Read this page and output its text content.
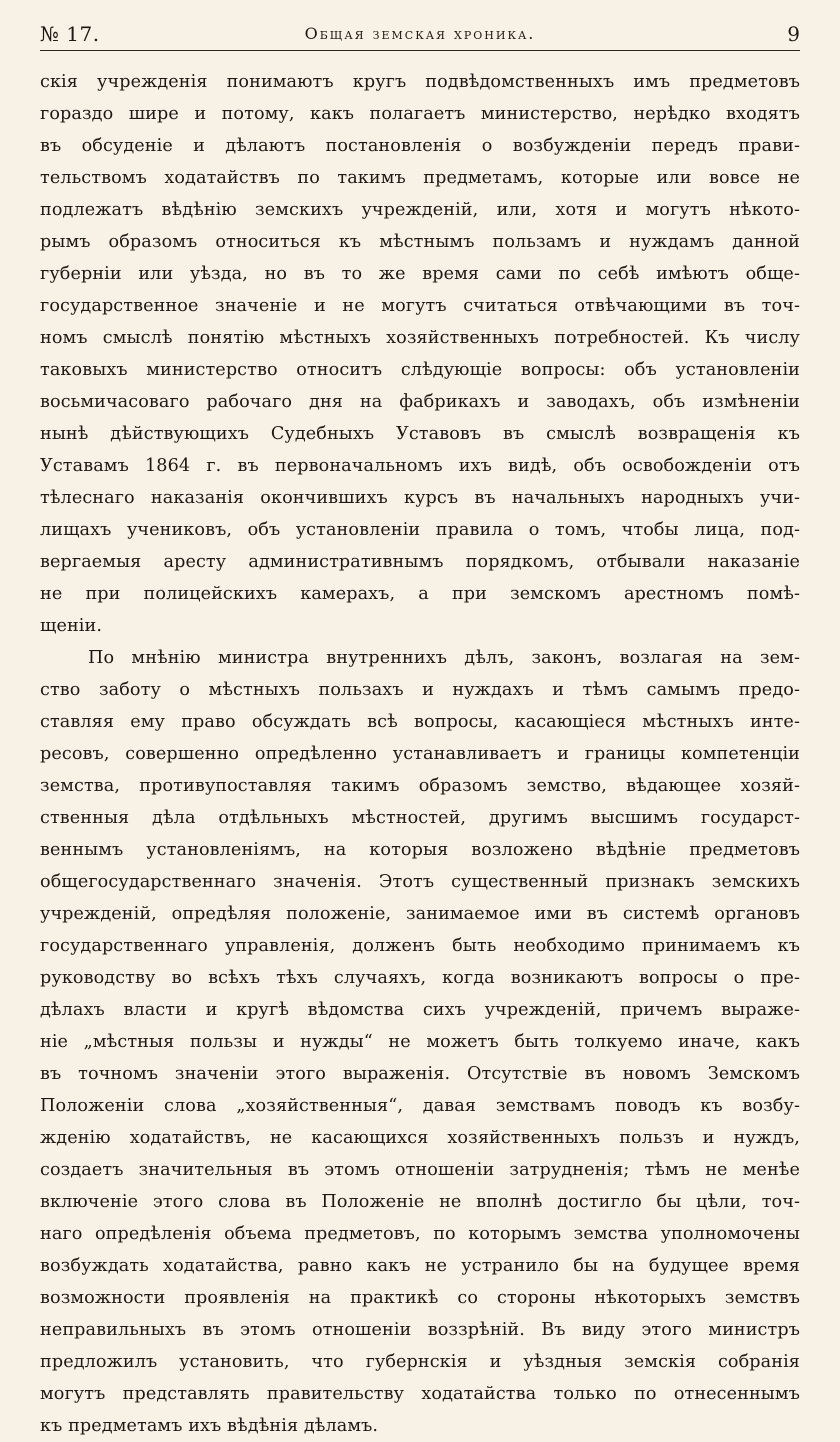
№ 17.	Общая земская хроника.	9
скія учрежденія понимаютъ кругъ подвѣдомственныхъ имъ предметовъ
гораздо шире и потому, какъ полагаетъ министерство, нерѣдко входятъ
въ обсуденіе и дѣлаютъ постановленія о возбужденіи передъ прави-
тельствомъ ходатайствъ по такимъ предметамъ, которые или вовсе не
подлежатъ вѣдѣнію земскихъ учрежденій, или, хотя и могутъ нѣкото-
рымъ образомъ относиться къ мѣстнымъ пользамъ и нуждамъ данной
губерніи или уѣзда, но въ то же время сами по себѣ имѣютъ обще-
государственное значеніе и не могутъ считаться отвѣчающими въ точ-
номъ смыслѣ понятію мѣстныхъ хозяйственныхъ потребностей. Къ числу
таковыхъ министерство относитъ слѣдующіе вопросы: объ установленіи
восьмичасоваго рабочаго дня на фабрикахъ и заводахъ, объ измѣненіи
нынѣ дѣйствующихъ Судебныхъ Уставовъ въ смыслѣ возвращенія къ
Уставамъ 1864 г. въ первоначальномъ ихъ видѣ, объ освобожденіи отъ
тѣлеснаго наказанія окончившихъ курсъ въ начальныхъ народныхъ учи-
лищахъ учениковъ, объ установленіи правила о томъ, чтобы лица, под-
вергаемыя аресту административнымъ порядкомъ, отбывали наказаніе
не при полицейскихъ камерахъ, а при земскомъ арестномъ помѣ-
щеніи.
По мнѣнію министра внутреннихъ дѣлъ, законъ, возлагая на зем-
ство заботу о мѣстныхъ пользахъ и нуждахъ и тѣмъ самымъ предо-
ставляя ему право обсуждать всѣ вопросы, касающіеся мѣстныхъ инте-
ресовъ, совершенно опредѣленно устанавливаетъ и границы компетенціи
земства, противупоставляя такимъ образомъ земство, вѣдающее хозяй-
ственныя дѣла отдѣльныхъ мѣстностей, другимъ высшимъ государст-
веннымъ установленіямъ, на которыя возложено вѣдѣніе предметовъ
общегосударственнаго значенія. Этотъ существенный признакъ земскихъ
учрежденій, опредѣляя положеніе, занимаемое ими въ системѣ органовъ
государственнаго управленія, долженъ быть необходимо принимаемъ къ
руководству во всѣхъ тѣхъ случаяхъ, когда возникаютъ вопросы о пре-
дѣлахъ власти и кругѣ вѣдомства сихъ учрежденій, причемъ выраже-
ніе „мѣстныя пользы и нужды“ не можетъ быть толкуемо иначе, какъ
въ точномъ значеніи этого выраженія. Отсутствіе въ новомъ Земскомъ
Положеніи слова „хозяйственныя“, давая земствамъ поводъ къ возбу-
жденію ходатайствъ, не касающихся хозяйственныхъ пользъ и нуждъ,
создаетъ значительныя въ этомъ отношеніи затрудненія; тѣмъ не менѣе
включеніе этого слова въ Положеніе не вполнѣ достигло бы цѣли, точ-
наго опредѣленія объема предметовъ, по которымъ земства уполномочены
возбуждать ходатайства, равно какъ не устранило бы на будущее время
возможности проявленія на практикѣ со стороны нѣкоторыхъ земствъ
неправильныхъ въ этомъ отношеніи воззрѣній. Въ виду этого министръ
предложилъ установить, что губернскія и уѣздныя земскія собранія
могутъ представлять правительству ходатайства только по отнесеннымъ
къ предметамъ ихъ вѣдѣнія дѣламъ.
